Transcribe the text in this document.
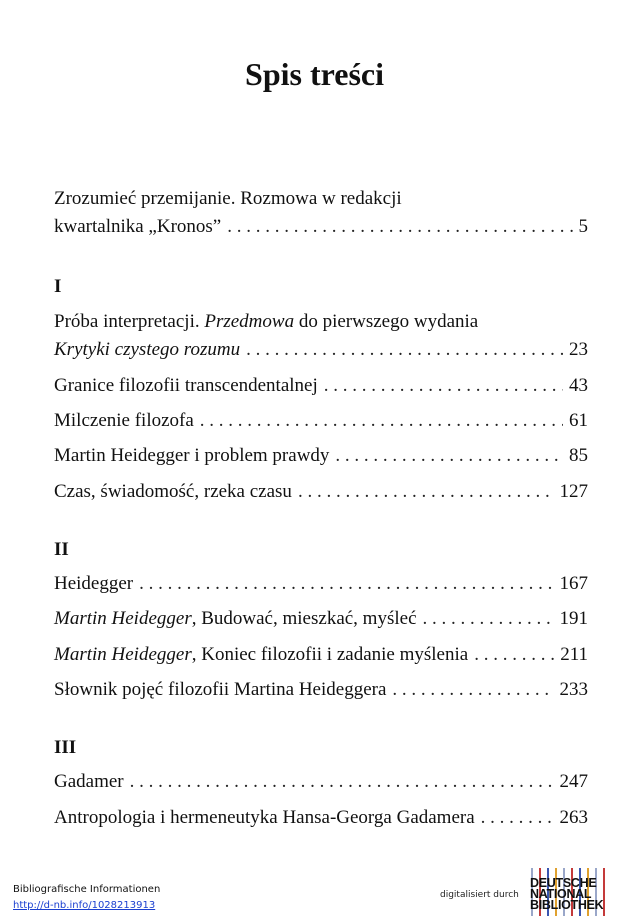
Spis treści
Zrozumieć przemijanie. Rozmowa w redakcji
kwartalnika „Kronos” . . .	5
I
Próba interpretacji. Przedmowa do pierwszego wydania
Krytyki czystego rozumu . . .	23
Granice filozofii transcendentalnej . . .	43
Milczenie filozofa . . .	61
Martin Heidegger i problem prawdy . . .	85
Czas, świadomość, rzeka czasu . . .	127
II
Heidegger . . .	167
Martin Heidegger, Budować, mieszkać, myśleć . . .	191
Martin Heidegger, Koniec filozofii i zadanie myślenia . . .	211
Słownik pojęć filozofii Martina Heideggera . . .	233
III
Gadamer . . .	247
Antropologia i hermeneutyka Hansa-Georga Gadamera . . .	263
Bibliografische Informationen
http://d-nb.info/1028213913
digitalisiert durch
DEUTSCHE
NATIONAL
BIBLIOTHEK
